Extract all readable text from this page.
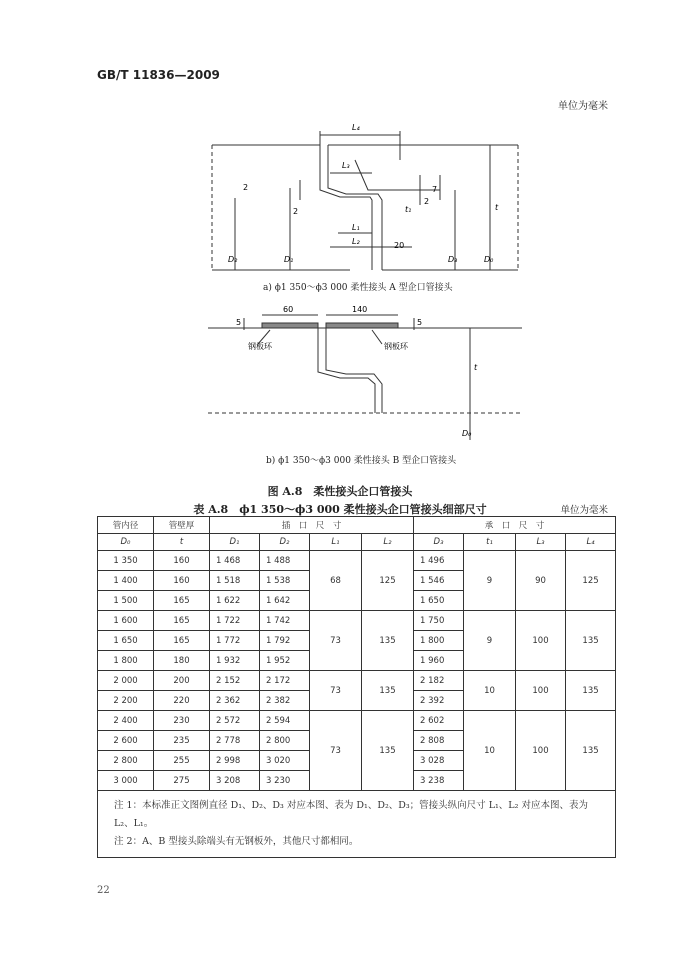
GB/T 11836—2009
单位为毫米
L₄
L₃
L₁
L₂	20
t
t₁
2
2
2
7
D₂	D₁	D₃	D₀
60	140
5	5
钢板环	钢板环
t
D₀
a) ϕ1 350～ϕ3 000 柔性接头 A 型企口管接头
b) ϕ1 350～ϕ3 000 柔性接头 B 型企口管接头
图 A.8　柔性接头企口管接头
表 A.8　ϕ1 350～ϕ3 000 柔性接头企口管接头细部尺寸	单位为毫米
管内径	管壁厚	插　口　尺　寸				承　口　尺　寸			
D₀	t	D₁	D₂	L₁	L₂	D₃	t₁	L₃	L₄
1 350	160	1 468	1 488	68	125	1 496	9	90	125
1 400	160	1 518	1 538			1 546			
1 500	165	1 622	1 642			1 650			
1 600	165	1 722	1 742	73	135	1 750	9	100	135
1 650	165	1 772	1 792			1 800			
1 800	180	1 932	1 952			1 960			
2 000	200	2 152	2 172	73	135	2 182	10	100	135
2 200	220	2 362	2 382			2 392			
2 400	230	2 572	2 594	73	135	2 602	10	100	135
2 600	235	2 778	2 800			2 808			
2 800	255	2 998	3 020			3 028			
3 000	275	3 208	3 230			3 238			

注 1：本标准正文图例直径 D₁、D₂、D₃ 对应本图、表为 D₁、D₂、D₃；管接头纵向尺寸 L₁、L₂ 对应本图、表为 L₂、L₁。
注 2：A、B 型接头除端头有无钢板外，其他尺寸都相同。									
22
